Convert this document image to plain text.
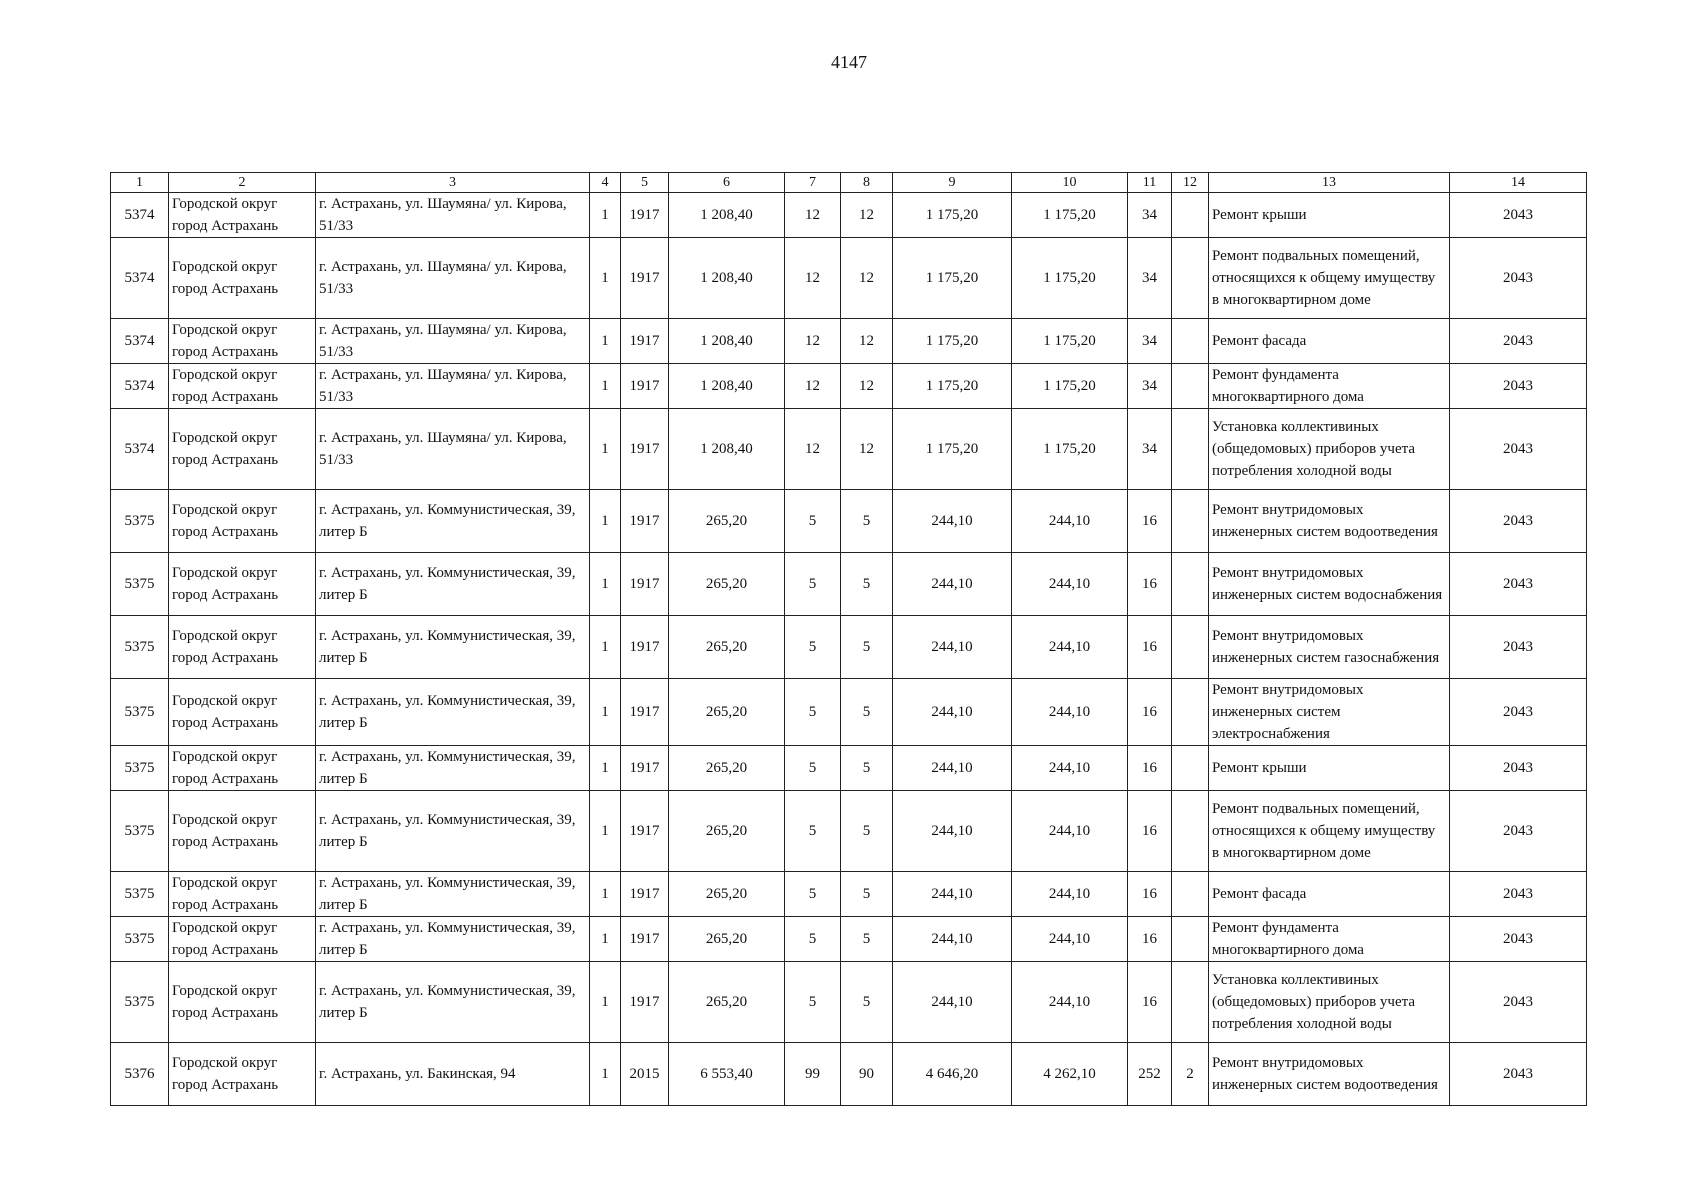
4147
1	2	3	4	5	6	7	8	9	10	11	12	13	14
5374	Городской округ город Астрахань	г. Астрахань, ул. Шаумяна/ ул. Кирова, 51/33	1	1917	1 208,40	12	12	1 175,20	1 175,20	34		Ремонт крыши	2043
5374	Городской округ город Астрахань	г. Астрахань, ул. Шаумяна/ ул. Кирова, 51/33	1	1917	1 208,40	12	12	1 175,20	1 175,20	34		Ремонт подвальных помещений, относящихся к общему имуществу в многоквартирном доме	2043
5374	Городской округ город Астрахань	г. Астрахань, ул. Шаумяна/ ул. Кирова, 51/33	1	1917	1 208,40	12	12	1 175,20	1 175,20	34		Ремонт фасада	2043
5374	Городской округ город Астрахань	г. Астрахань, ул. Шаумяна/ ул. Кирова, 51/33	1	1917	1 208,40	12	12	1 175,20	1 175,20	34		Ремонт фундамента многоквартирного дома	2043
5374	Городской округ город Астрахань	г. Астрахань, ул. Шаумяна/ ул. Кирова, 51/33	1	1917	1 208,40	12	12	1 175,20	1 175,20	34		Установка коллективиных (общедомовых) приборов учета потребления холодной воды	2043
5375	Городской округ город Астрахань	г. Астрахань, ул. Коммунистическая, 39, литер Б	1	1917	265,20	5	5	244,10	244,10	16		Ремонт внутридомовых инженерных систем водоотведения	2043
5375	Городской округ город Астрахань	г. Астрахань, ул. Коммунистическая, 39, литер Б	1	1917	265,20	5	5	244,10	244,10	16		Ремонт внутридомовых инженерных систем водоснабжения	2043
5375	Городской округ город Астрахань	г. Астрахань, ул. Коммунистическая, 39, литер Б	1	1917	265,20	5	5	244,10	244,10	16		Ремонт внутридомовых инженерных систем газоснабжения	2043
5375	Городской округ город Астрахань	г. Астрахань, ул. Коммунистическая, 39, литер Б	1	1917	265,20	5	5	244,10	244,10	16		Ремонт внутридомовых инженерных систем электроснабжения	2043
5375	Городской округ город Астрахань	г. Астрахань, ул. Коммунистическая, 39, литер Б	1	1917	265,20	5	5	244,10	244,10	16		Ремонт крыши	2043
5375	Городской округ город Астрахань	г. Астрахань, ул. Коммунистическая, 39, литер Б	1	1917	265,20	5	5	244,10	244,10	16		Ремонт подвальных помещений, относящихся к общему имуществу в многоквартирном доме	2043
5375	Городской округ город Астрахань	г. Астрахань, ул. Коммунистическая, 39, литер Б	1	1917	265,20	5	5	244,10	244,10	16		Ремонт фасада	2043
5375	Городской округ город Астрахань	г. Астрахань, ул. Коммунистическая, 39, литер Б	1	1917	265,20	5	5	244,10	244,10	16		Ремонт фундамента многоквартирного дома	2043
5375	Городской округ город Астрахань	г. Астрахань, ул. Коммунистическая, 39, литер Б	1	1917	265,20	5	5	244,10	244,10	16		Установка коллективиных (общедомовых) приборов учета потребления холодной воды	2043
5376	Городской округ город Астрахань	г. Астрахань, ул. Бакинская, 94	1	2015	6 553,40	99	90	4 646,20	4 262,10	252	2	Ремонт внутридомовых инженерных систем водоотведения	2043
